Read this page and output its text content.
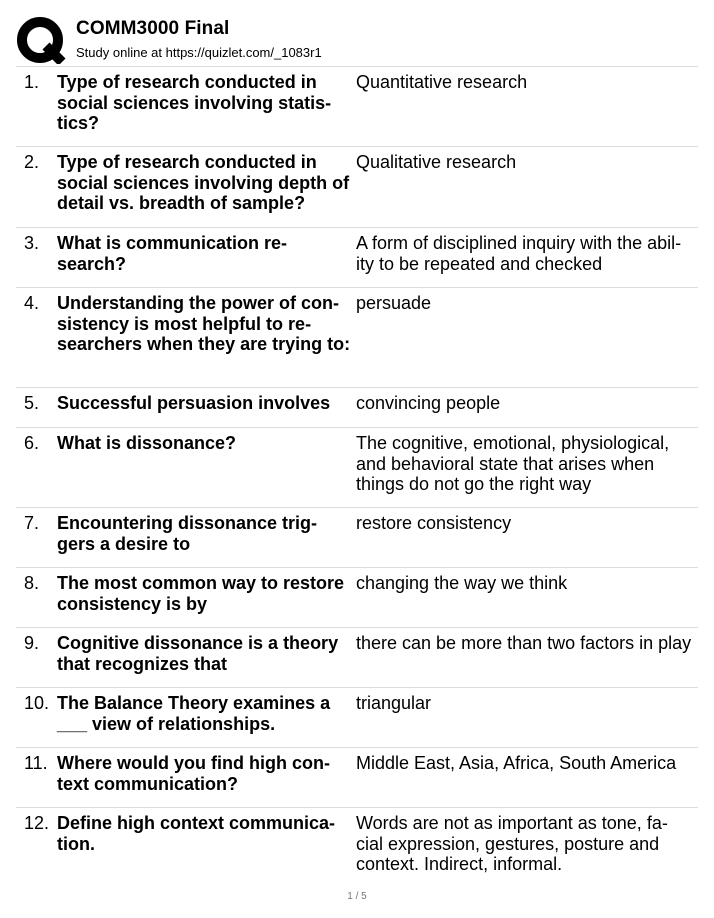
COMM3000 Final
Study online at https://quizlet.com/_1083r1
1. Type of research conducted in social sciences involving statis-tics?
Quantitative research
2. Type of research conducted in social sciences involving depth of detail vs. breadth of sample?
Qualitative research
3. What is communication re-search?
A form of disciplined inquiry with the abil-ity to be repeated and checked
4. Understanding the power of con-sistency is most helpful to re-searchers when they are trying to:
persuade
5. Successful persuasion involves	convincing people
6. What is dissonance?	The cognitive, emotional, physiological, and behavioral state that arises when things do not go the right way
7. Encountering dissonance trig-gers a desire to
restore consistency
8. The most common way to restore consistency is by
changing the way we think
9. Cognitive dissonance is a theory that recognizes that
there can be more than two factors in play
10. The Balance Theory examines a ___ view of relationships.
triangular
11. Where would you find high con-text communication?
Middle East, Asia, Africa, South America
12. Define high context communica-tion.
Words are not as important as tone, fa-cial expression, gestures, posture and context. Indirect, informal.
1 / 5
